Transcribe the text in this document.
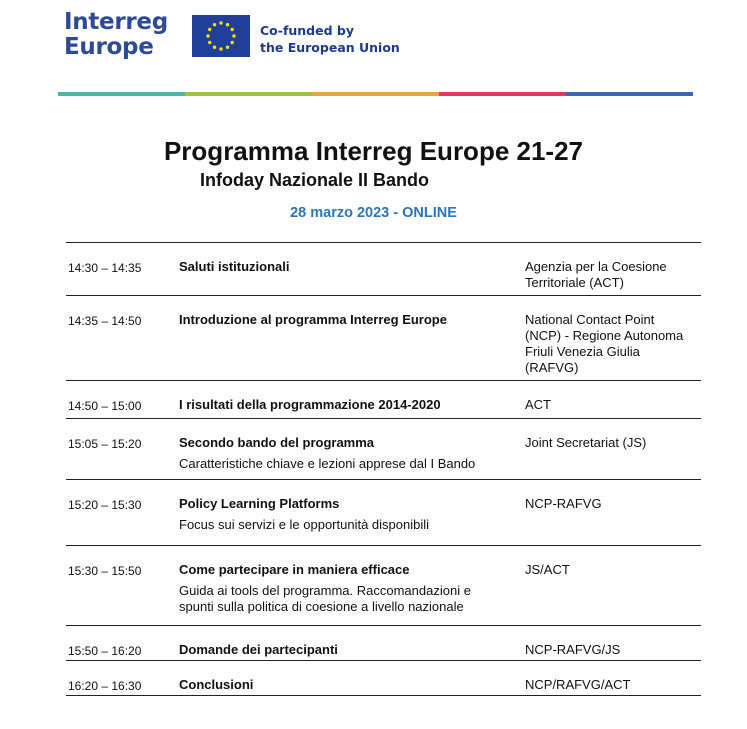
Interreg
Europe
Co-funded by
the European Union
Programma Interreg Europe 21-27
Infoday Nazionale II Bando
28 marzo 2023 - ONLINE
14:30 – 14:35	Saluti istituzionali	Agenzia per la Coesione
Territoriale (ACT)
14:35 – 14:50	Introduzione al programma Interreg Europe	National Contact Point
(NCP) - Regione Autonoma
Friuli Venezia Giulia
(RAFVG)
14:50 – 15:00	I risultati della programmazione 2014-2020	ACT
15:05 – 15:20	Secondo bando del programma
Caratteristiche chiave e lezioni apprese dal I Bando
Joint Secretariat (JS)
15:20 – 15:30	Policy Learning Platforms
Focus sui servizi e le opportunità disponibili
NCP-RAFVG
15:30 – 15:50	Come partecipare in maniera efficace
Guida ai tools del programma. Raccomandazioni e
spunti sulla politica di coesione a livello nazionale
JS/ACT
15:50 – 16:20	Domande dei partecipanti	NCP-RAFVG/JS
16:20 – 16:30	Conclusioni	NCP/RAFVG/ACT
